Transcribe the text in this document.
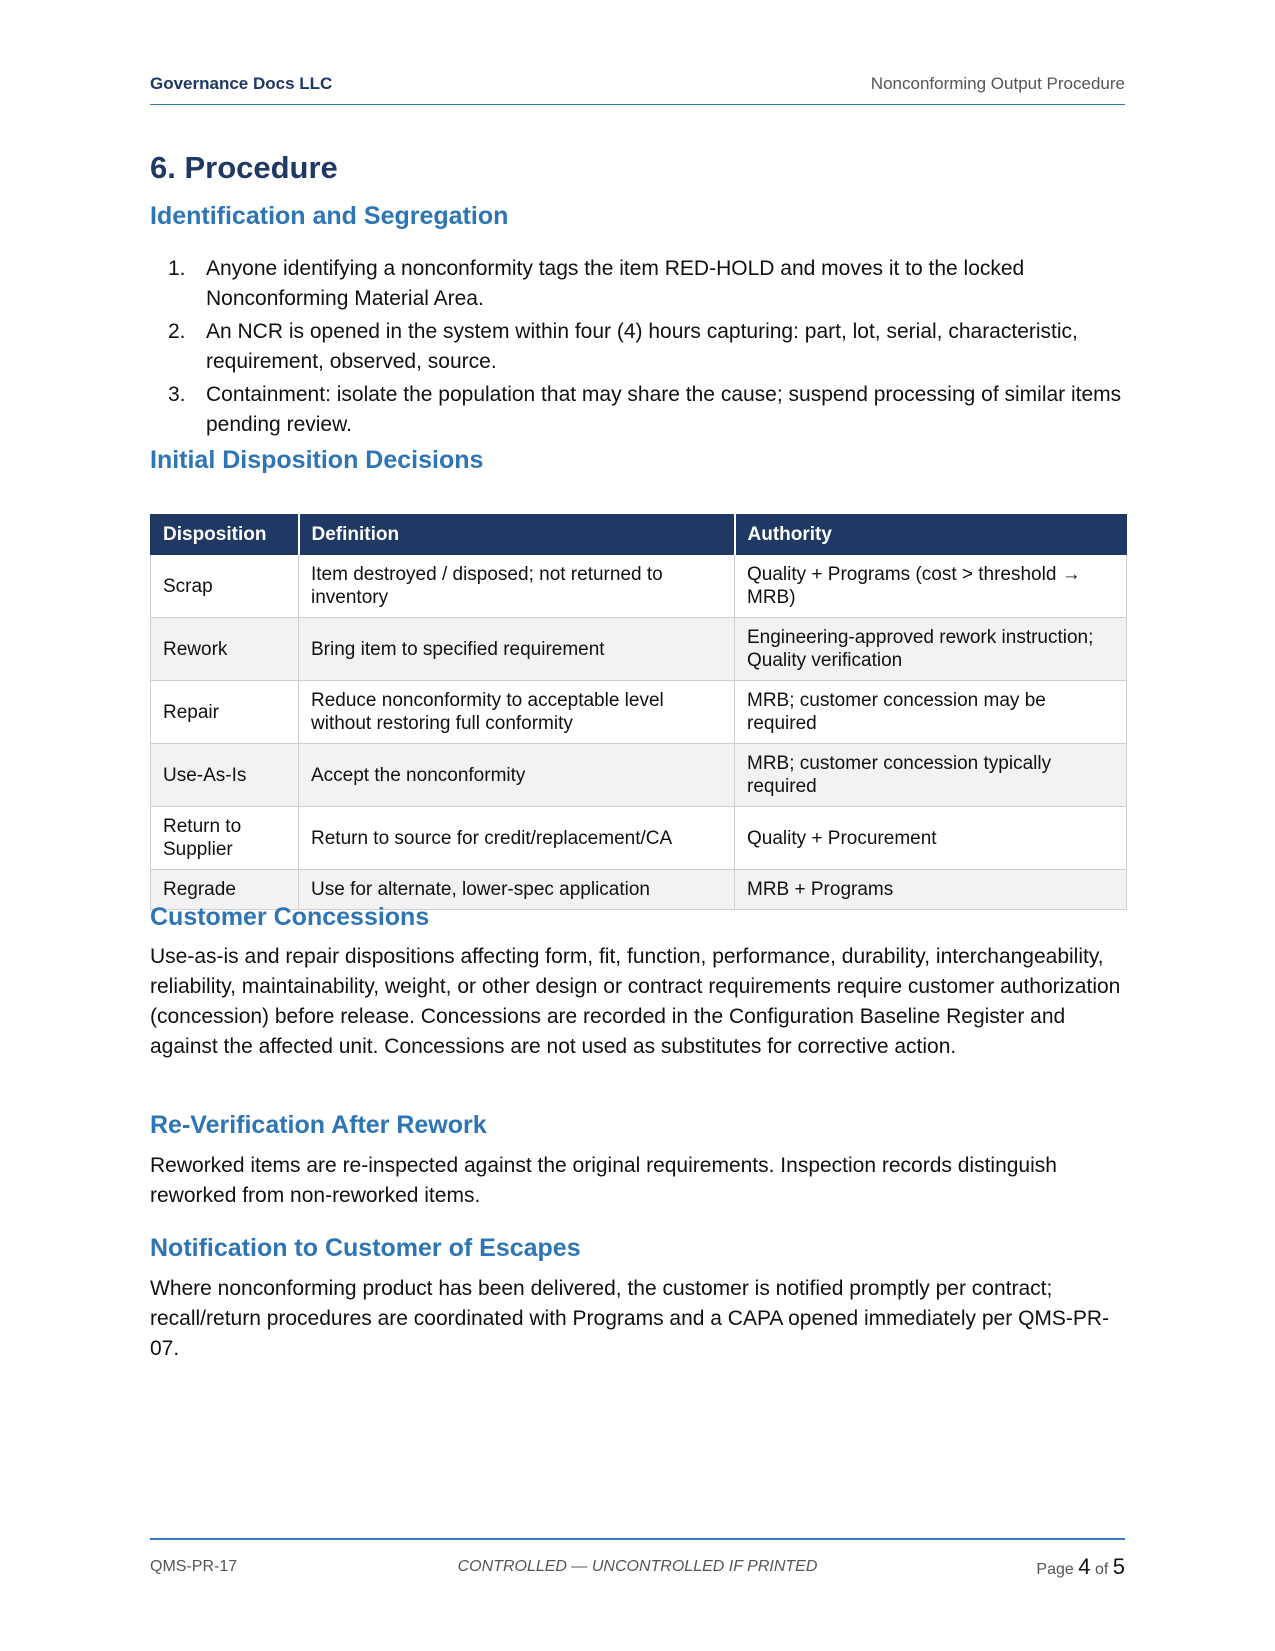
Governance Docs LLC	Nonconforming Output Procedure
6. Procedure
Identification and Segregation
1. Anyone identifying a nonconformity tags the item RED-HOLD and moves it to the locked Nonconforming Material Area.
2. An NCR is opened in the system within four (4) hours capturing: part, lot, serial, characteristic, requirement, observed, source.
3. Containment: isolate the population that may share the cause; suspend processing of similar items pending review.
Initial Disposition Decisions
Disposition	Definition	Authority
Scrap	Item destroyed / disposed; not returned to inventory	Quality + Programs (cost > threshold → MRB)
Rework	Bring item to specified requirement	Engineering-approved rework instruction; Quality verification
Repair	Reduce nonconformity to acceptable level without restoring full conformity	MRB; customer concession may be required
Use-As-Is	Accept the nonconformity	MRB; customer concession typically required
Return to Supplier	Return to source for credit/replacement/CA	Quality + Procurement
Regrade	Use for alternate, lower-spec application	MRB + Programs
Customer Concessions

Use-as-is and repair dispositions affecting form, fit, function, performance, durability, interchangeability, reliability, maintainability, weight, or other design or contract requirements require customer authorization (concession) before release. Concessions are recorded in the Configuration Baseline Register and against the affected unit. Concessions are not used as substitutes for corrective action.

Re-Verification After Rework

Reworked items are re-inspected against the original requirements. Inspection records distinguish reworked from non-reworked items.

Notification to Customer of Escapes

Where nonconforming product has been delivered, the customer is notified promptly per contract; recall/return procedures are coordinated with Programs and a CAPA opened immediately per QMS-PR-07.

QMS-PR-17	CONTROLLED — UNCONTROLLED IF PRINTED	Page 4 of 5
